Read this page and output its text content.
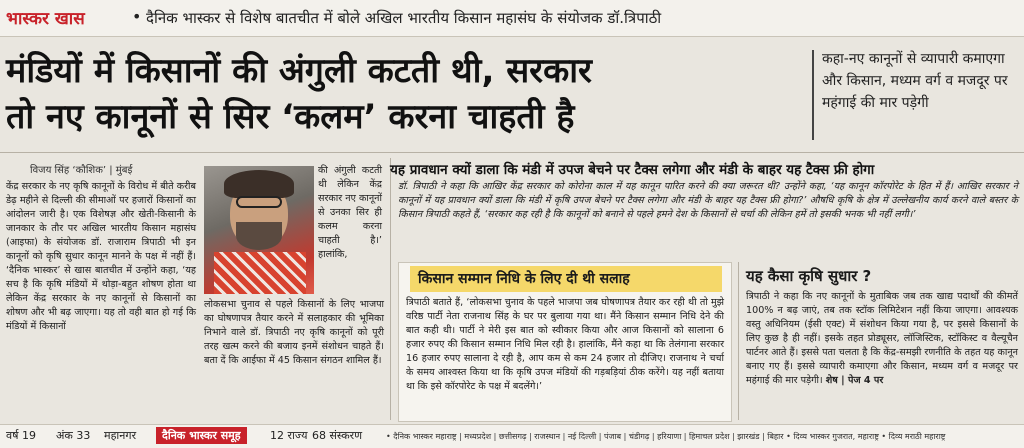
भास्कर खास	• दैनिक भास्कर से विशेष बातचीत में बोले अखिल भारतीय किसान महासंघ के संयोजक डॉ.त्रिपाठी
मंडियों में किसानों की अंगुली कटती थी, सरकार
तो नए कानूनों से सिर ‘कलम’ करना चाहती है
कहा-नए कानूनों से व्यापारी कमाएगा और किसान, मध्यम वर्ग व मजदूर पर महंगाई की मार पड़ेगी
विजय सिंह ‘कौशिक’ | मुंबई
केंद्र सरकार के नए कृषि कानूनों के विरोध में बीते करीब डेढ़ महीने से दिल्ली की सीमाओं पर हजारों किसानों का आंदोलन जारी है। एक विशेषज्ञ और खेती-किसानी के जानकार के तौर पर अखिल भारतीय किसान महासंघ (आइफा) के संयोजक डॉ. राजाराम त्रिपाठी भी इन कानूनों को कृषि सुधार कानून मानने के पक्ष में नहीं हैं। ‘दैनिक भास्कर’ से खास बातचीत में उन्होंने कहा, ‘यह सच है कि कृषि मंडियों में थोड़ा-बहुत शोषण होता था लेकिन केंद्र सरकार के नए कानूनों से किसानों का शोषण और भी बढ़ जाएगा। यह तो वही बात हो गई कि मंडियों में किसानों
की अंगुली कटती थी लेकिन केंद्र सरकार नए कानूनों से उनका सिर ही कलम करना चाहती है।’ हालांकि,
लोकसभा चुनाव से पहले किसानों के लिए भाजपा का घोषणापत्र तैयार करने में सलाहकार की भूमिका निभाने वाले डॉ. त्रिपाठी नए कृषि कानूनों को पूरी तरह खत्म करने की बजाय इनमें संशोधन चाहते हैं। बता दें कि आईफा में 45 किसान संगठन शामिल हैं।
यह प्रावधान क्यों डाला कि मंडी में उपज बेचने पर टैक्स लगेगा और मंडी के बाहर यह टैक्स फ्री होगा
डॉ. त्रिपाठी ने कहा कि आखिर केंद्र सरकार को कोरोना काल में यह कानून पारित करने की क्या जरूरत थी? उन्होंने कहा, ‘यह कानून कॉरपोरेट के हित में हैं। आखिर सरकार ने कानूनों में यह प्रावधान क्यों डाला कि मंडी में कृषि उपज बेचने पर टैक्स लगेगा और मंडी के बाहर यह टैक्स फ्री होगा?’ औषधि कृषि के क्षेत्र में उल्लेखनीय कार्य करने वाले बस्तर के किसान त्रिपाठी कहते हैं, ‘सरकार कह रही है कि कानूनों को बनाने से पहले हमने देश के किसानों से चर्चा की लेकिन हमें तो इसकी भनक भी नहीं लगी।’
किसान सम्मान निधि के लिए दी थी सलाह
त्रिपाठी बताते हैं, ‘लोकसभा चुनाव के पहले भाजपा जब घोषणापत्र तैयार कर रही थी तो मुझे वरिष्ठ पार्टी नेता राजनाथ सिंह के घर पर बुलाया गया था। मैंने किसान सम्मान निधि देने की बात कही थी। पार्टी ने मेरी इस बात को स्वीकार किया और आज किसानों को सालाना 6 हजार रुपए की किसान सम्मान निधि मिल रही है। हालांकि, मैंने कहा था कि तेलंगाना सरकार 16 हजार रुपए सालाना दे रही है, आप कम से कम 24 हजार तो दीजिए। राजनाथ ने चर्चा के समय आश्वस्त किया था कि कृषि उपज मंडियों की गड़बड़ियां ठीक करेंगे। यह नहीं बताया था कि इसे कॉरपोरेट के पक्ष में बदलेंगे।’
यह कैसा कृषि सुधार ?
त्रिपाठी ने कहा कि नए कानूनों के मुताबिक जब तक खाद्य पदार्थों की कीमतें 100% न बढ़ जाएं, तब तक स्टॉक लिमिटेशन नहीं किया जाएगा। आवश्यक वस्तु अधिनियम (ईसी एक्ट) में संशोधन किया गया है, पर इससे किसानों के लिए कुछ है ही नहीं। इसके तहत प्रोड्यूसर, लॉजिस्टिक, स्टॉकिस्ट व वैल्यूचैन पार्टनर आते हैं। इससे पता चलता है कि केंद्र-समझी रणनीति के तहत यह कानून बनाए गए हैं। इससे व्यापारी कमाएगा और किसान, मध्यम वर्ग व मजदूर पर महंगाई की मार पड़ेगी। शेष | पेज 4 पर
वर्ष 19 अंक 33 महानगर	दैनिक भास्कर समूह	12 राज्य 68 संस्करण	• दैनिक भास्कर महाराष्ट्र | मध्यप्रदेश | छत्तीसगढ़ | राजस्थान | नई दिल्ली | पंजाब | चंडीगढ़ | हरियाणा | हिमाचल प्रदेश | झारखंड | बिहार • दिव्य भास्कर गुजरात, महाराष्ट्र • दिव्य मराठी महाराष्ट्र
